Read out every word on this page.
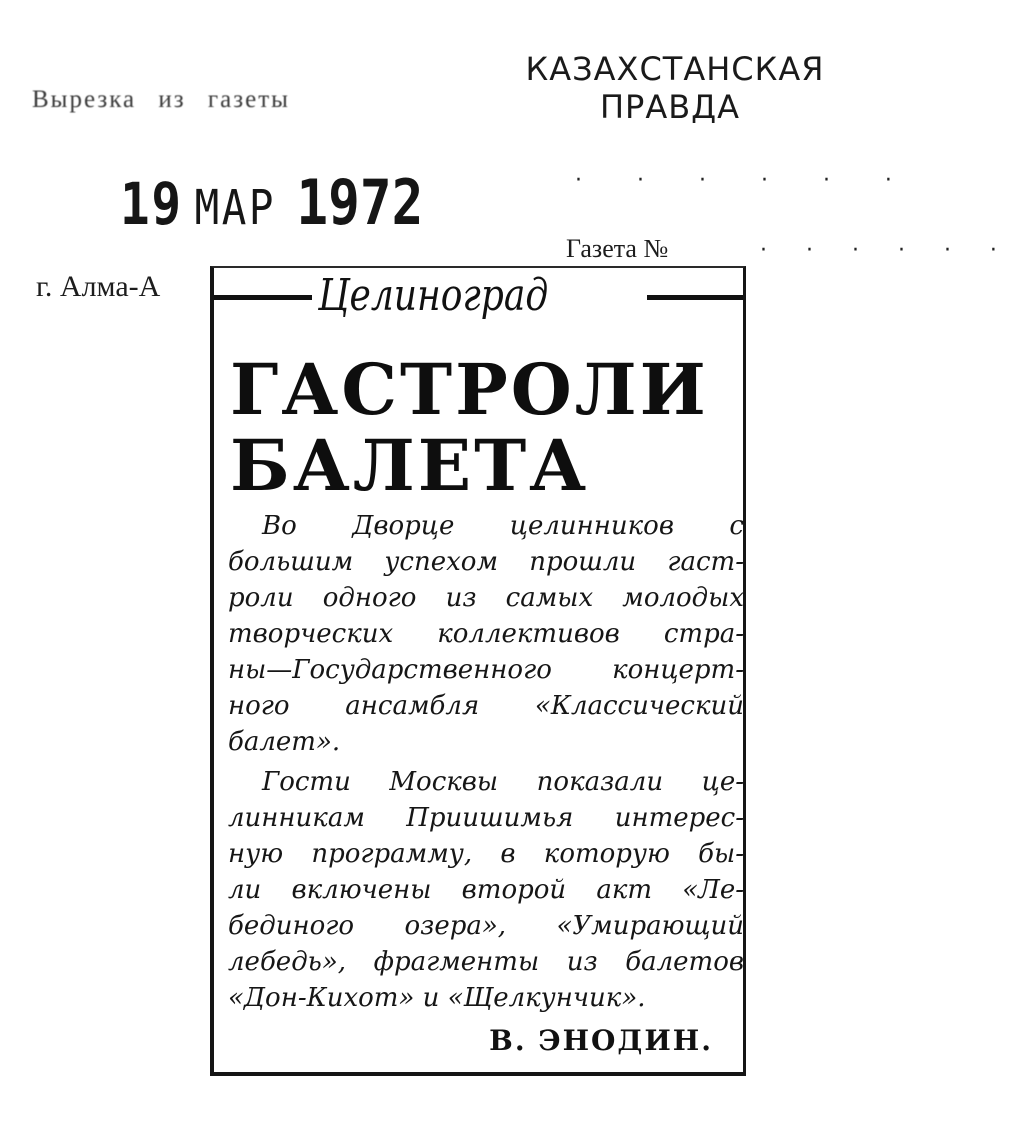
Вырезка из газеты
КАЗАХСТАНСКАЯ
ПРАВДА
19 МАР 1972	· · · · · ·
· · · · · ·
г. Алма-А
Газета №
Целиноград
ГАСТРОЛИ
БАЛЕТА
Во Дворце целинников с
большим успехом прошли гаст-
роли одного из самых молодых
творческих коллективов стра-
ны—Государственного концерт-
ного ансамбля «Классический
балет».
Гости Москвы показали це-
линникам Приишимья интерес-
ную программу, в которую бы-
ли включены второй акт «Ле-
бединого озера», «Умирающий
лебедь», фрагменты из балетов
«Дон-Кихот» и «Щелкунчик».
В. ЭНОДИН.
